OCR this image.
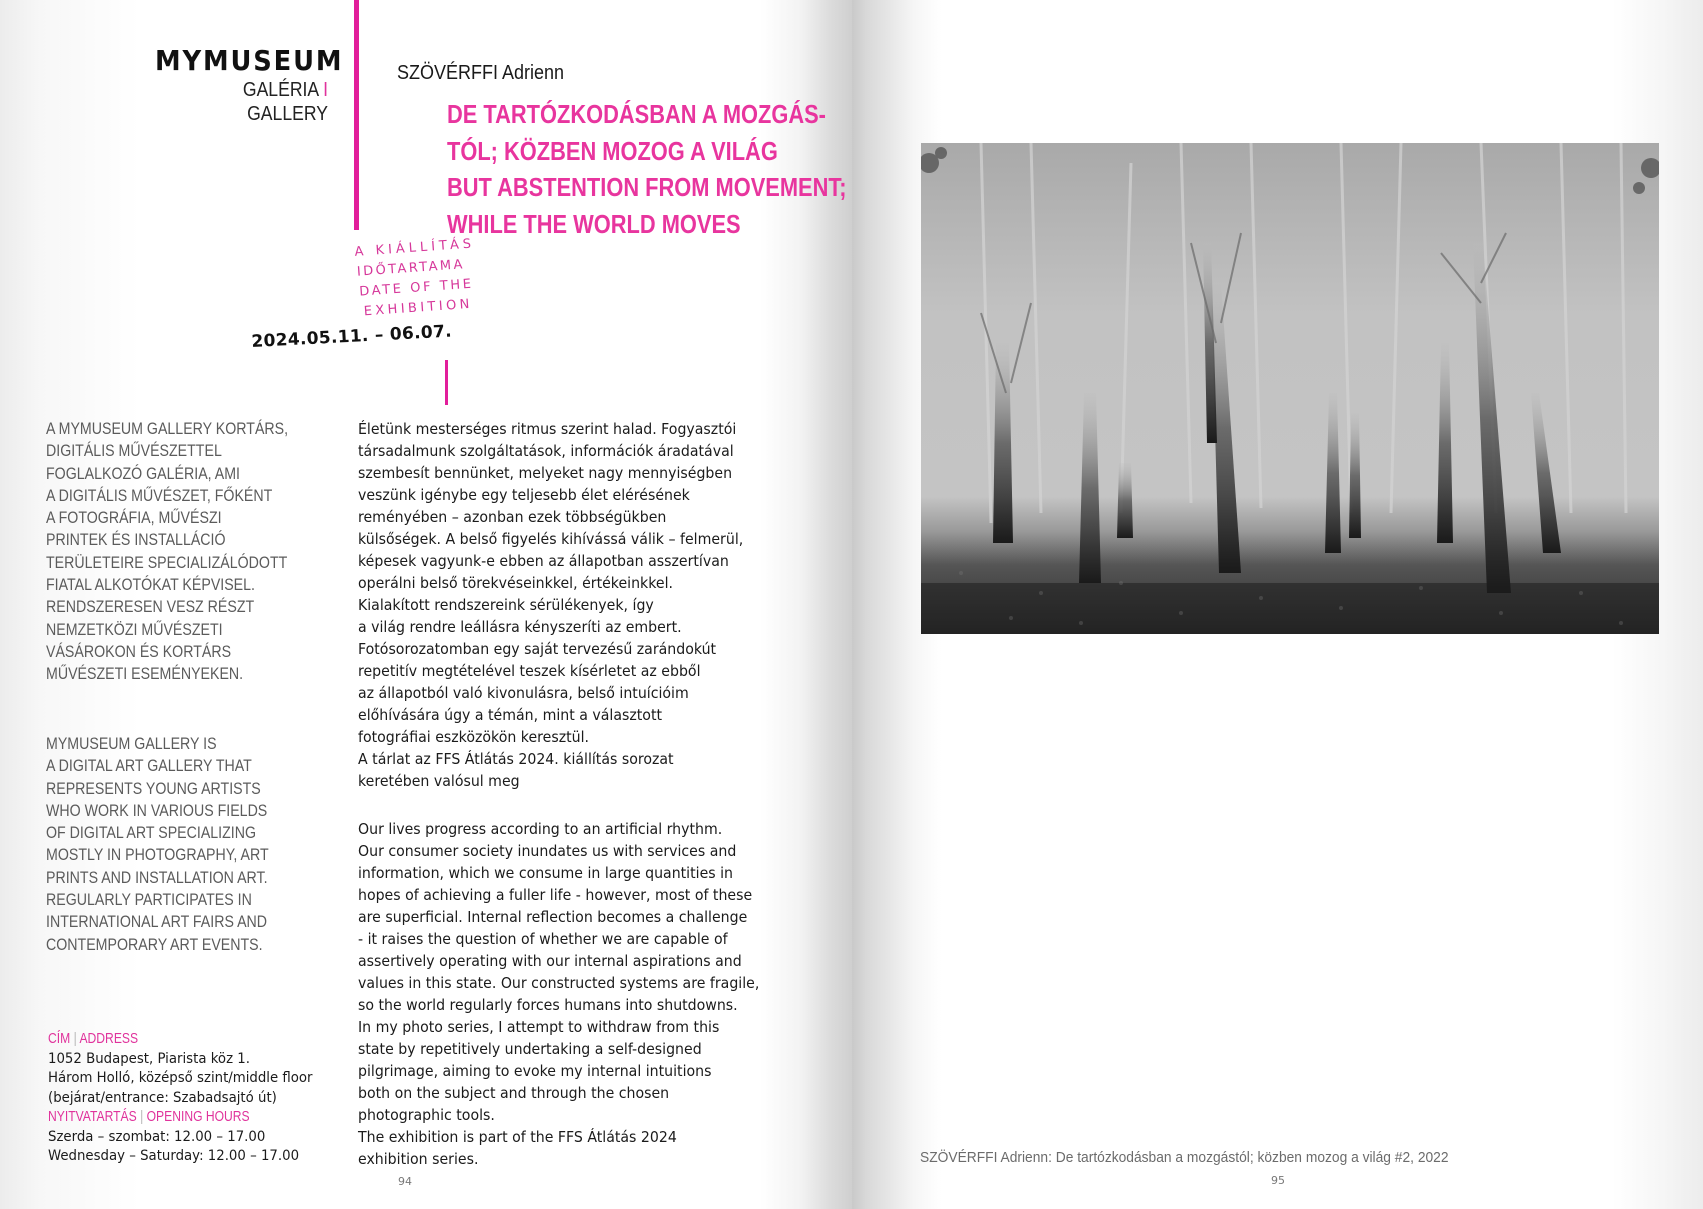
MYMUSEUM
GALÉRIA I GALLERY
SZÖVÉRFFI Adrienn
DE TARTÓZKODÁSBAN A MOZGÁS-
TÓL; KÖZBEN MOZOG A VILÁG
BUT ABSTENTION FROM MOVEMENT;
WHILE THE WORLD MOVES
A KIÁLLÍTÁS
IDŐTARTAMA
DATE OF THE
EXHIBITION
2024.05.11. – 06.07.
A MYMUSEUM GALLERY KORTÁRS,
DIGITÁLIS MŰVÉSZETTEL
FOGLALKOZÓ GALÉRIA, AMI
A DIGITÁLIS MŰVÉSZET, FŐKÉNT
A FOTOGRÁFIA, MŰVÉSZI
PRINTEK ÉS INSTALLÁCIÓ
TERÜLETEIRE SPECIALIZÁLÓDOTT
FIATAL ALKOTÓKAT KÉPVISEL.
RENDSZERESEN VESZ RÉSZT
NEMZETKÖZI MŰVÉSZETI
VÁSÁROKON ÉS KORTÁRS
MŰVÉSZETI ESEMÉNYEKEN.
MYMUSEUM GALLERY IS
A DIGITAL ART GALLERY THAT
REPRESENTS YOUNG ARTISTS
WHO WORK IN VARIOUS FIELDS
OF DIGITAL ART SPECIALIZING
MOSTLY IN PHOTOGRAPHY, ART
PRINTS AND INSTALLATION ART.
REGULARLY PARTICIPATES IN
INTERNATIONAL ART FAIRS AND
CONTEMPORARY ART EVENTS.
CÍM | ADDRESS
1052 Budapest, Piarista köz 1.
Három Holló, középső szint/middle floor
(bejárat/entrance: Szabadsajtó út)
NYITVATARTÁS | OPENING HOURS
Szerda – szombat: 12.00 – 17.00
Wednesday – Saturday: 12.00 – 17.00
Életünk mesterséges ritmus szerint halad. Fogyasztói
társadalmunk szolgáltatások, információk áradatával
szembesít bennünket, melyeket nagy mennyiségben
veszünk igénybe egy teljesebb élet elérésének
reményében – azonban ezek többségükben
külsőségek. A belső figyelés kihívássá válik – felmerül,
képesek vagyunk-e ebben az állapotban asszertívan
operálni belső törekvéseinkkel, értékeinkkel.
Kialakított rendszereink sérülékenyek, így
a világ rendre leállásra kényszeríti az embert.
Fotósorozatomban egy saját tervezésű zarándokút
repetitív megtételével teszek kísérletet az ebből
az állapotból való kivonulásra, belső intuícióim
előhívására úgy a témán, mint a választott
fotográfiai eszközökön keresztül.
A tárlat az FFS Átlátás 2024. kiállítás sorozat
keretében valósul meg
Our lives progress according to an artificial rhythm.
Our consumer society inundates us with services and
information, which we consume in large quantities in
hopes of achieving a fuller life - however, most of these
are superficial. Internal reflection becomes a challenge
- it raises the question of whether we are capable of
assertively operating with our internal aspirations and
values in this state. Our constructed systems are fragile,
so the world regularly forces humans into shutdowns.
In my photo series, I attempt to withdraw from this
state by repetitively undertaking a self-designed
pilgrimage, aiming to evoke my internal intuitions
both on the subject and through the chosen
photographic tools.
The exhibition is part of the FFS Átlátás 2024
exhibition series.
94
SZÖVÉRFFI Adrienn: De tartózkodásban a mozgástól; közben mozog a világ #2, 2022
95
